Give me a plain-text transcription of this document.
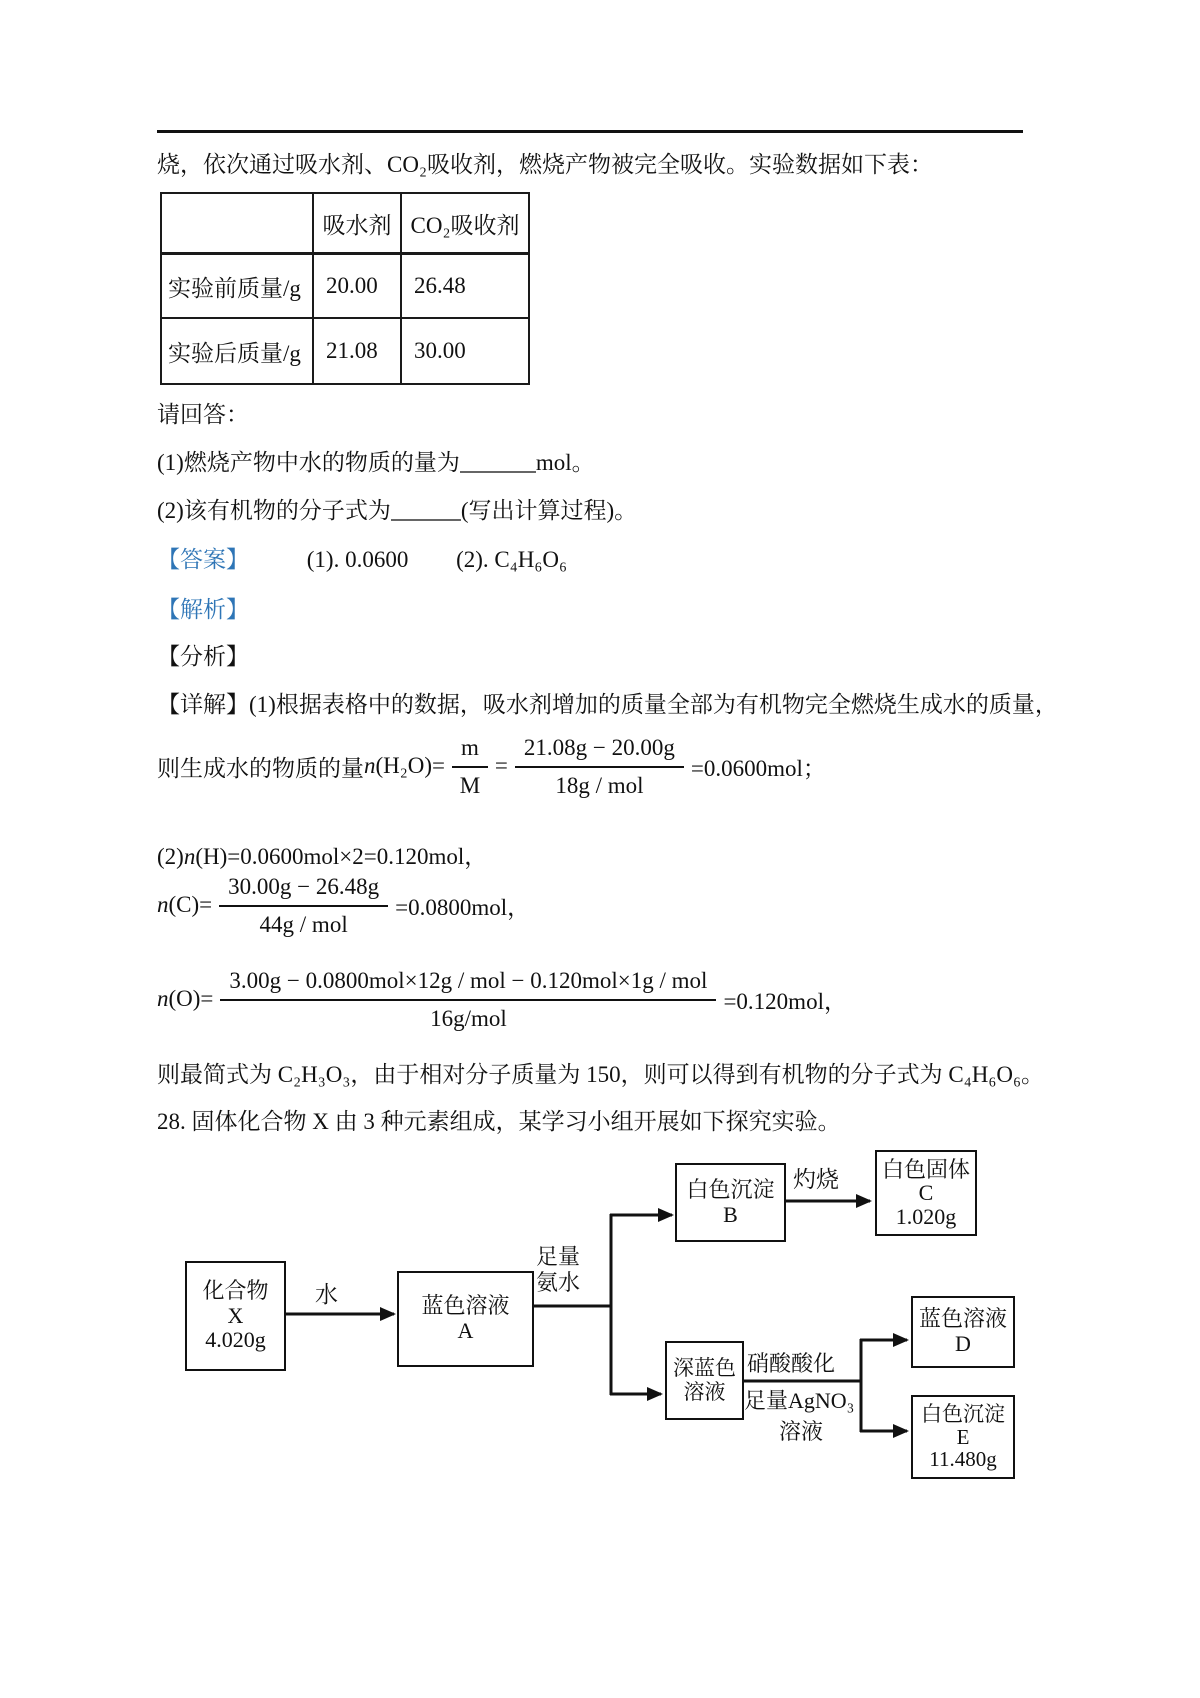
烧，依次通过吸水剂、CO₂吸收剂，燃烧产物被完全吸收。实验数据如下表：
	吸水剂	CO₂吸收剂
实验前质量/g	20.00	26.48
实验后质量/g	21.08	30.00
请回答：
(1)燃烧产物中水的物质的量为	mol。
(2)该有机物的分子式为	(写出计算过程)。
【答案】	(1). 0.0600 (2). C₄H₆O₆
【解析】
【分析】
【详解】(1)根据表格中的数据，吸水剂增加的质量全部为有机物完全燃烧生成水的质量，
则生成水的物质的量 n $(H_2O)= \frac{m}{M} = \frac{21.08g - 20.00g}{\text{18g / mol}} =0.0600mol$；
(2)n(H)=0.0600mol×2=0.120mol，
n $(C)= \frac{30.00g - 26.48g}{\text{44g / mol}} =0.0800mol$，
n $(O)= \frac{\text{3.00g − 0.0800mol×12g / mol − 0.120mol×1g / mol}}{\text{16g/mol}} =0.120mol$，
则最简式为 C₂H₃O₃，由于相对分子质量为 150，则可以得到有机物的分子式为 C₄H₆O₆。
28. 固体化合物 X 由 3 种元素组成，某学习小组开展如下探究实验。
化合物
X
4.020g
蓝色溶液
A
白色沉淀
B
白色固体
C
1.020g
深蓝色
溶液
蓝色溶液
D
白色沉淀
E
11.480g
水
足量
氨水
灼烧
硝酸酸化
足量AgNO₃
溶液
